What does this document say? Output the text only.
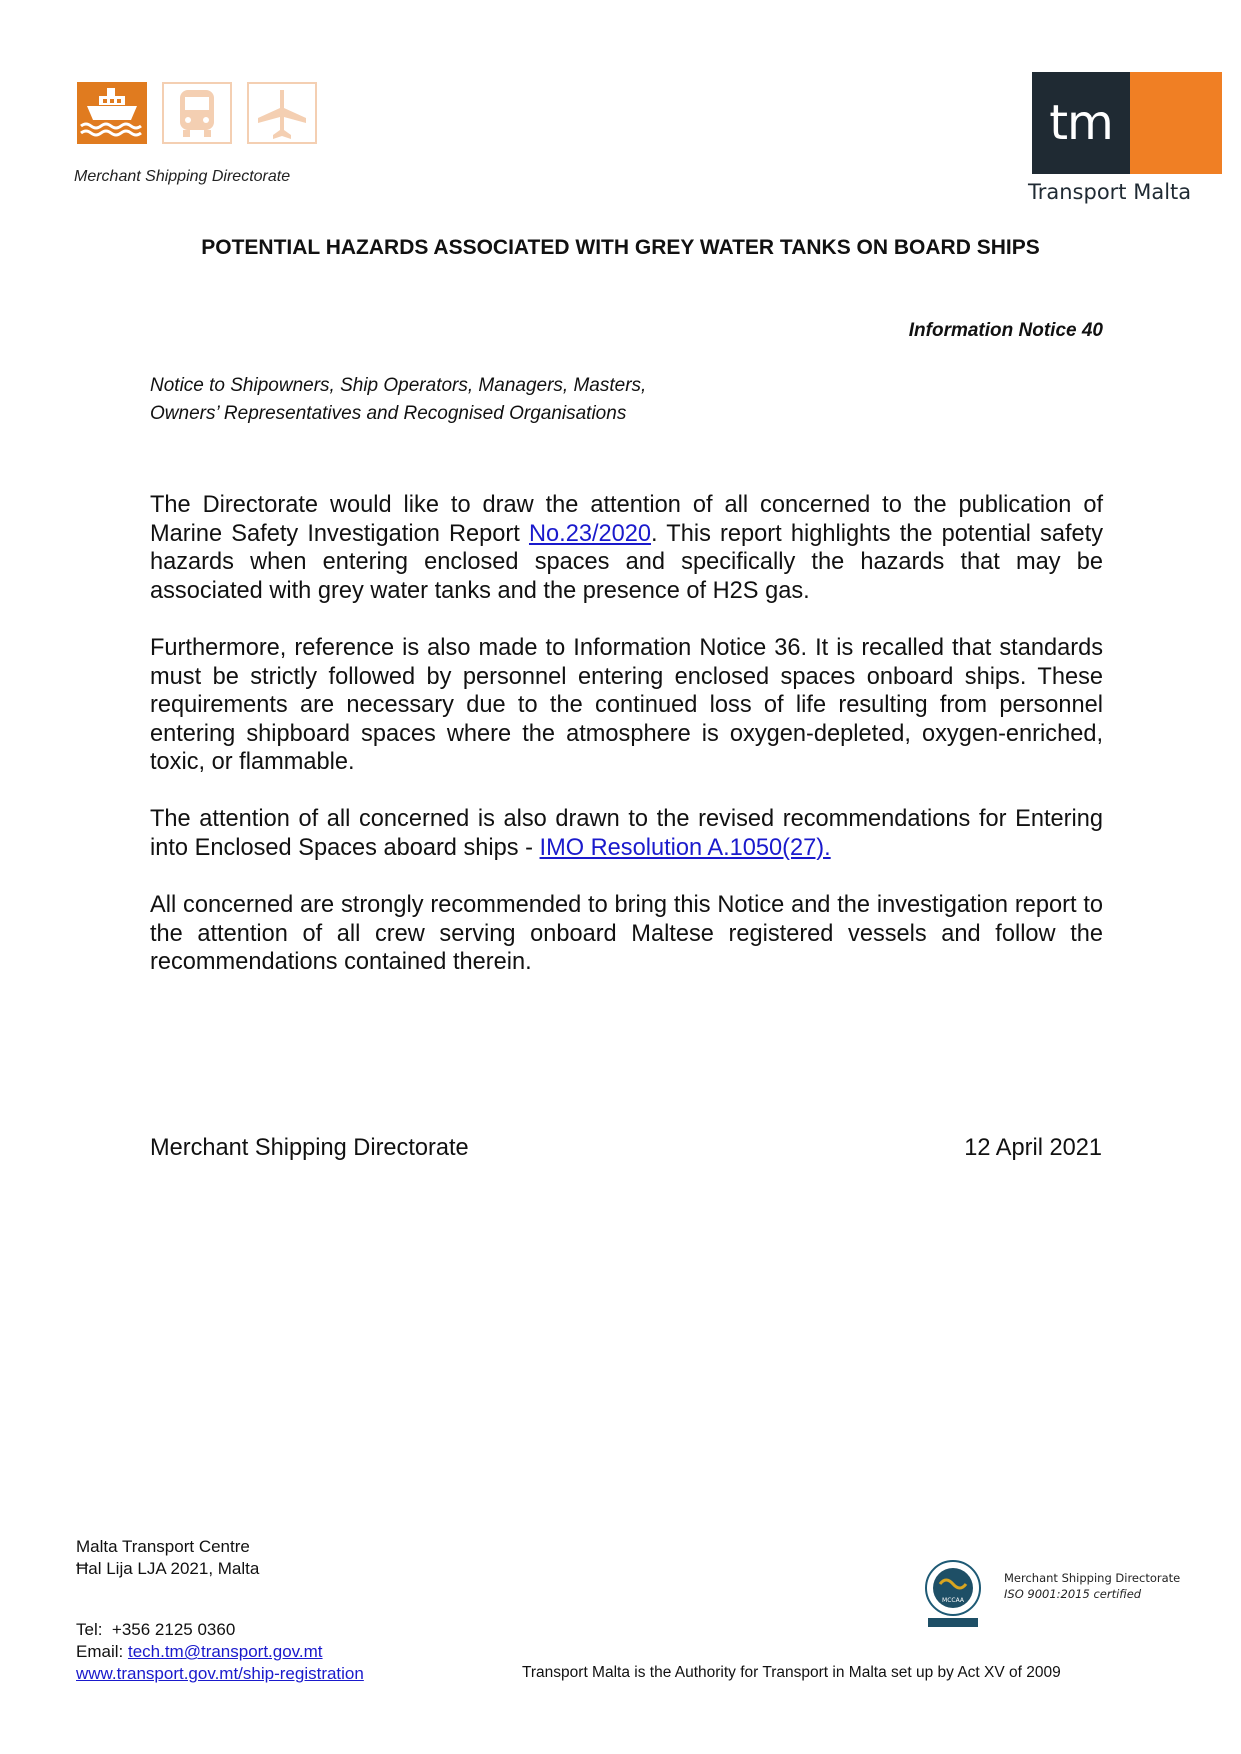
Merchant Shipping Directorate
tm
Transport Malta
POTENTIAL HAZARDS ASSOCIATED WITH GREY WATER TANKS ON BOARD SHIPS
Information Notice 40
Notice to Shipowners, Ship Operators, Managers, Masters,
Owners’ Representatives and Recognised Organisations
The Directorate would like to draw the attention of all concerned to the publication of Marine Safety Investigation Report No.23/2020. This report highlights the potential safety hazards when entering enclosed spaces and specifically the hazards that may be associated with grey water tanks and the presence of H2S gas.
Furthermore, reference is also made to Information Notice 36. It is recalled that standards must be strictly followed by personnel entering enclosed spaces onboard ships. These requirements are necessary due to the continued loss of life resulting from personnel entering shipboard spaces where the atmosphere is oxygen-depleted, oxygen-enriched, toxic, or flammable.
The attention of all concerned is also drawn to the revised recommendations for Entering into Enclosed Spaces aboard ships - IMO Resolution A.1050(27).
All concerned are strongly recommended to bring this Notice and the investigation report to the attention of all crew serving onboard Maltese registered vessels and follow the recommendations contained therein.
Merchant Shipping Directorate	12 April 2021
Malta Transport Centre
Ħal Lija LJA 2021, Malta
Tel: +356 2125 0360
Email: tech.tm@transport.gov.mt
www.transport.gov.mt/ship-registration	Transport Malta is the Authority for Transport in Malta set up by Act XV of 2009
MCCAA
Merchant Shipping Directorate
ISO 9001:2015 certified
